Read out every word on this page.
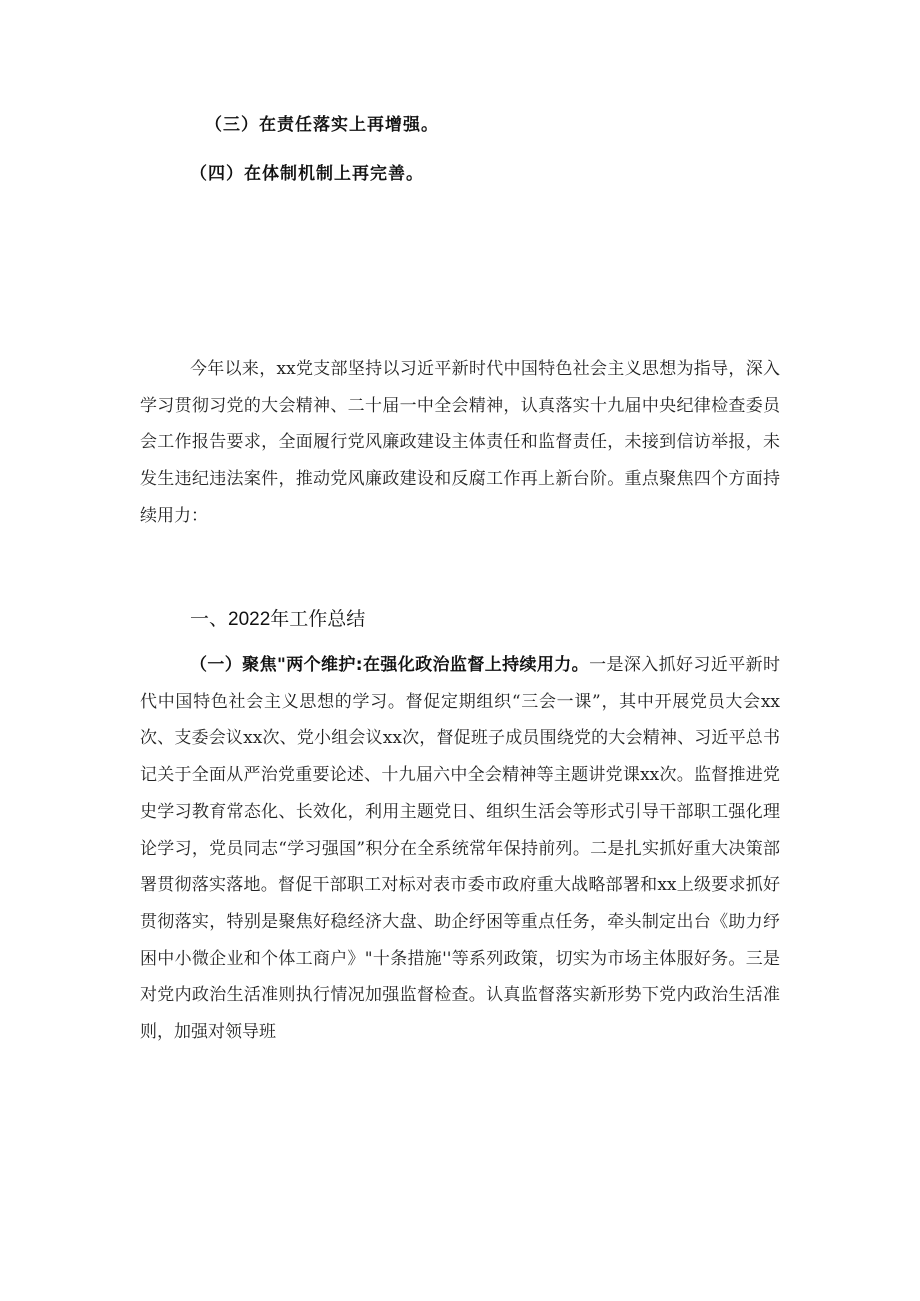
（三）在责任落实上再增强。
（四）在体制机制上再完善。

今年以来，xx党支部坚持以习近平新时代中国特色社会主义思想为指导，深入学习贯彻习党的大会精神、二十届一中全会精神，认真落实十九届中央纪律检查委员会工作报告要求，全面履行党风廉政建设主体责任和监督责任，未接到信访举报，未发生违纪违法案件，推动党风廉政建设和反腐工作再上新台阶。重点聚焦四个方面持续用力：

一、2022年工作总结

（一）聚焦"两个维护:在强化政治监督上持续用力。一是深入抓好习近平新时代中国特色社会主义思想的学习。督促定期组织“三会一课”，其中开展党员大会xx次、支委会议xx次、党小组会议xx次，督促班子成员围绕党的大会精神、习近平总书记关于全面从严治党重要论述、十九届六中全会精神等主题讲党课xx次。监督推进党史学习教育常态化、长效化，利用主题党日、组织生活会等形式引导干部职工强化理论学习，党员同志“学习强国”积分在全系统常年保持前列。二是扎实抓好重大决策部署贯彻落实落地。督促干部职工对标对表市委市政府重大战略部署和xx上级要求抓好贯彻落实，特别是聚焦好稳经济大盘、助企纾困等重点任务，牵头制定出台《助力纾困中小微企业和个体工商户》"十条措施''等系列政策，切实为市场主体服好务。三是对党内政治生活准则执行情况加强监督检查。认真监督落实新形势下党内政治生活准则，加强对领导班
